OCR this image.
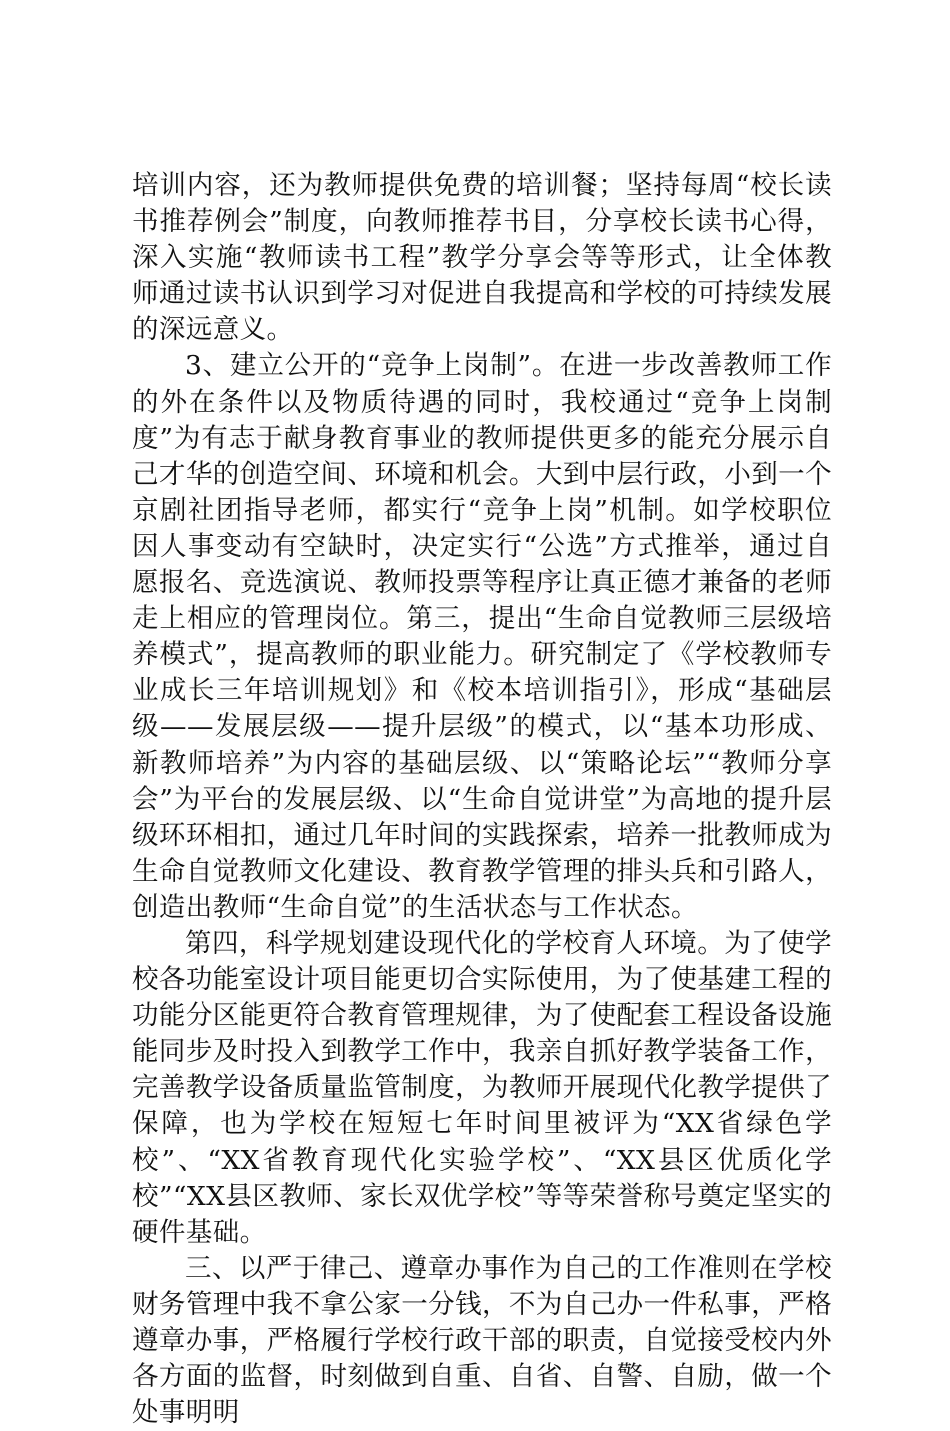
培训内容，还为教师提供免费的培训餐；坚持每周“校长读书推荐例会”制度，向教师推荐书目，分享校长读书心得，深入实施“教师读书工程”教学分享会等等形式，让全体教师通过读书认识到学习对促进自我提高和学校的可持续发展的深远意义。

3、建立公开的“竞争上岗制”。在进一步改善教师工作的外在条件以及物质待遇的同时，我校通过“竞争上岗制度”为有志于献身教育事业的教师提供更多的能充分展示自己才华的创造空间、环境和机会。大到中层行政，小到一个京剧社团指导老师，都实行“竞争上岗”机制。如学校职位因人事变动有空缺时，决定实行“公选”方式推举，通过自愿报名、竞选演说、教师投票等程序让真正德才兼备的老师走上相应的管理岗位。第三，提出“生命自觉教师三层级培养模式”，提高教师的职业能力。研究制定了《学校教师专业成长三年培训规划》和《校本培训指引》，形成“基础层级——发展层级——提升层级”的模式，以“基本功形成、新教师培养”为内容的基础层级、以“策略论坛”“教师分享会”为平台的发展层级、以“生命自觉讲堂”为高地的提升层级环环相扣，通过几年时间的实践探索，培养一批教师成为生命自觉教师文化建设、教育教学管理的排头兵和引路人，创造出教师“生命自觉”的生活状态与工作状态。

第四，科学规划建设现代化的学校育人环境。为了使学校各功能室设计项目能更切合实际使用，为了使基建工程的功能分区能更符合教育管理规律，为了使配套工程设备设施能同步及时投入到教学工作中，我亲自抓好教学装备工作，完善教学设备质量监管制度，为教师开展现代化教学提供了保障，也为学校在短短七年时间里被评为“XX省绿色学校”、“XX省教育现代化实验学校”、“XX县区优质化学校”“XX县区教师、家长双优学校”等等荣誉称号奠定坚实的硬件基础。

三、以严于律己、遵章办事作为自己的工作准则在学校财务管理中我不拿公家一分钱，不为自己办一件私事，严格遵章办事，严格履行学校行政干部的职责，自觉接受校内外各方面的监督，时刻做到自重、自省、自警、自励，做一个处事明明
